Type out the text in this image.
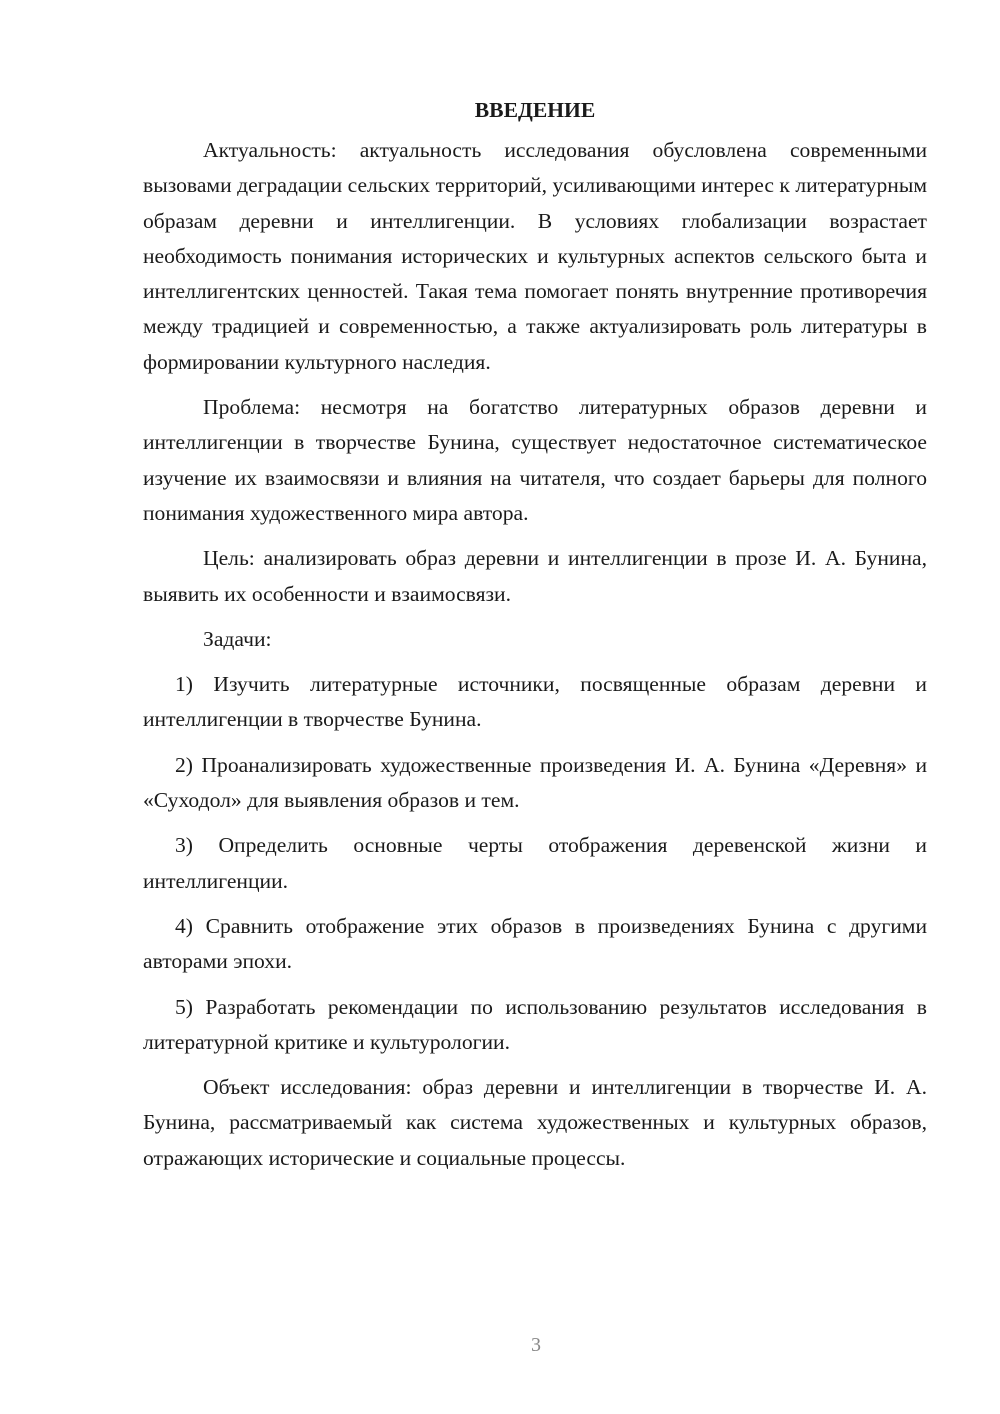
ВВЕДЕНИЕ

Актуальность: актуальность исследования обусловлена современными вызовами деградации сельских территорий, усиливающими интерес к литературным образам деревни и интеллигенции. В условиях глобализации возрастает необходимость понимания исторических и культурных аспектов сельского быта и интеллигентских ценностей. Такая тема помогает понять внутренние противоречия между традицией и современностью, а также актуализировать роль литературы в формировании культурного наследия.

Проблема: несмотря на богатство литературных образов деревни и интеллигенции в творчестве Бунина, существует недостаточное систематическое изучение их взаимосвязи и влияния на читателя, что создает барьеры для полного понимания художественного мира автора.

Цель: анализировать образ деревни и интеллигенции в прозе И. А. Бунина, выявить их особенности и взаимосвязи.

Задачи:

1) Изучить литературные источники, посвященные образам деревни и интеллигенции в творчестве Бунина.

2) Проанализировать художественные произведения И. А. Бунина «Деревня» и «Суходол» для выявления образов и тем.

3) Определить основные черты отображения деревенской жизни и интеллигенции.

4) Сравнить отображение этих образов в произведениях Бунина с другими авторами эпохи.

5) Разработать рекомендации по использованию результатов исследования в литературной критике и культурологии.

Объект исследования: образ деревни и интеллигенции в творчестве И. А. Бунина, рассматриваемый как система художественных и культурных образов, отражающих исторические и социальные процессы.

3
